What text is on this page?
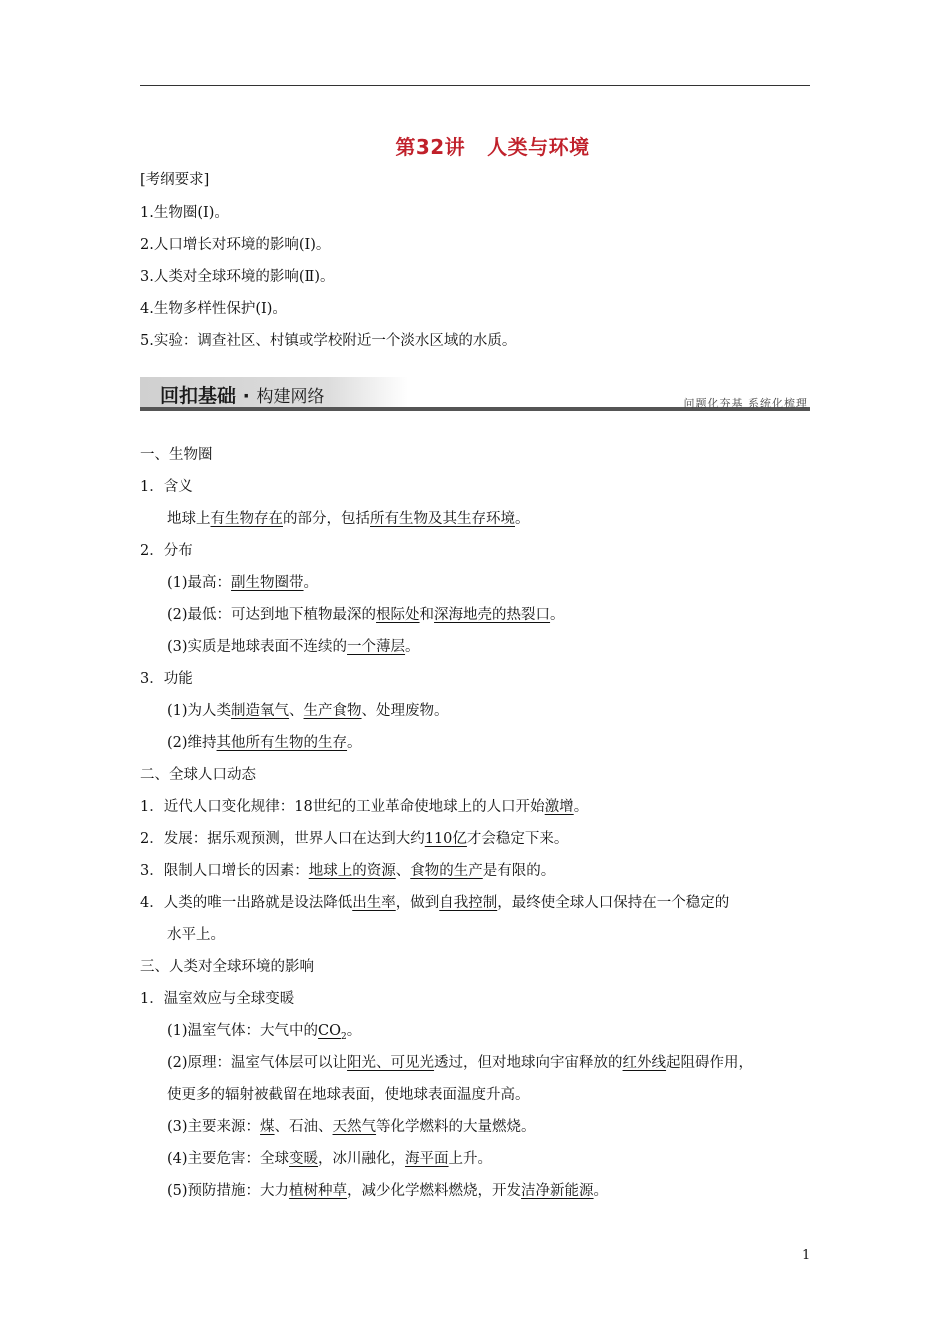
第32讲 人类与环境
[考纲要求]
1.生物圈(Ⅰ)。
2.人口增长对环境的影响(Ⅰ)。
3.人类对全球环境的影响(Ⅱ)。
4.生物多样性保护(Ⅰ)。
5.实验：调查社区、村镇或学校附近一个淡水区域的水质。
回扣基础 · 构建网络	问题化夯基 系统化梳理
一、生物圈
1．含义
地球上有生物存在的部分，包括所有生物及其生存环境。
2．分布
(1)最高：副生物圈带。
(2)最低：可达到地下植物最深的根际处和深海地壳的热裂口。
(3)实质是地球表面不连续的一个薄层。
3．功能
(1)为人类制造氧气、生产食物、处理废物。
(2)维持其他所有生物的生存。
二、全球人口动态
1．近代人口变化规律：18世纪的工业革命使地球上的人口开始激增。
2．发展：据乐观预测，世界人口在达到大约110亿才会稳定下来。
3．限制人口增长的因素：地球上的资源、食物的生产是有限的。
4．人类的唯一出路就是设法降低出生率，做到自我控制，最终使全球人口保持在一个稳定的
水平上。
三、人类对全球环境的影响
1．温室效应与全球变暖
(1)温室气体：大气中的$CO_2$。
(2)原理：温室气体层可以让阳光、可见光透过，但对地球向宇宙释放的红外线起阻碍作用，
使更多的辐射被截留在地球表面，使地球表面温度升高。
(3)主要来源：煤、石油、天然气等化学燃料的大量燃烧。
(4)主要危害：全球变暖，冰川融化，海平面上升。
(5)预防措施：大力植树种草，减少化学燃料燃烧，开发洁净新能源。
1
